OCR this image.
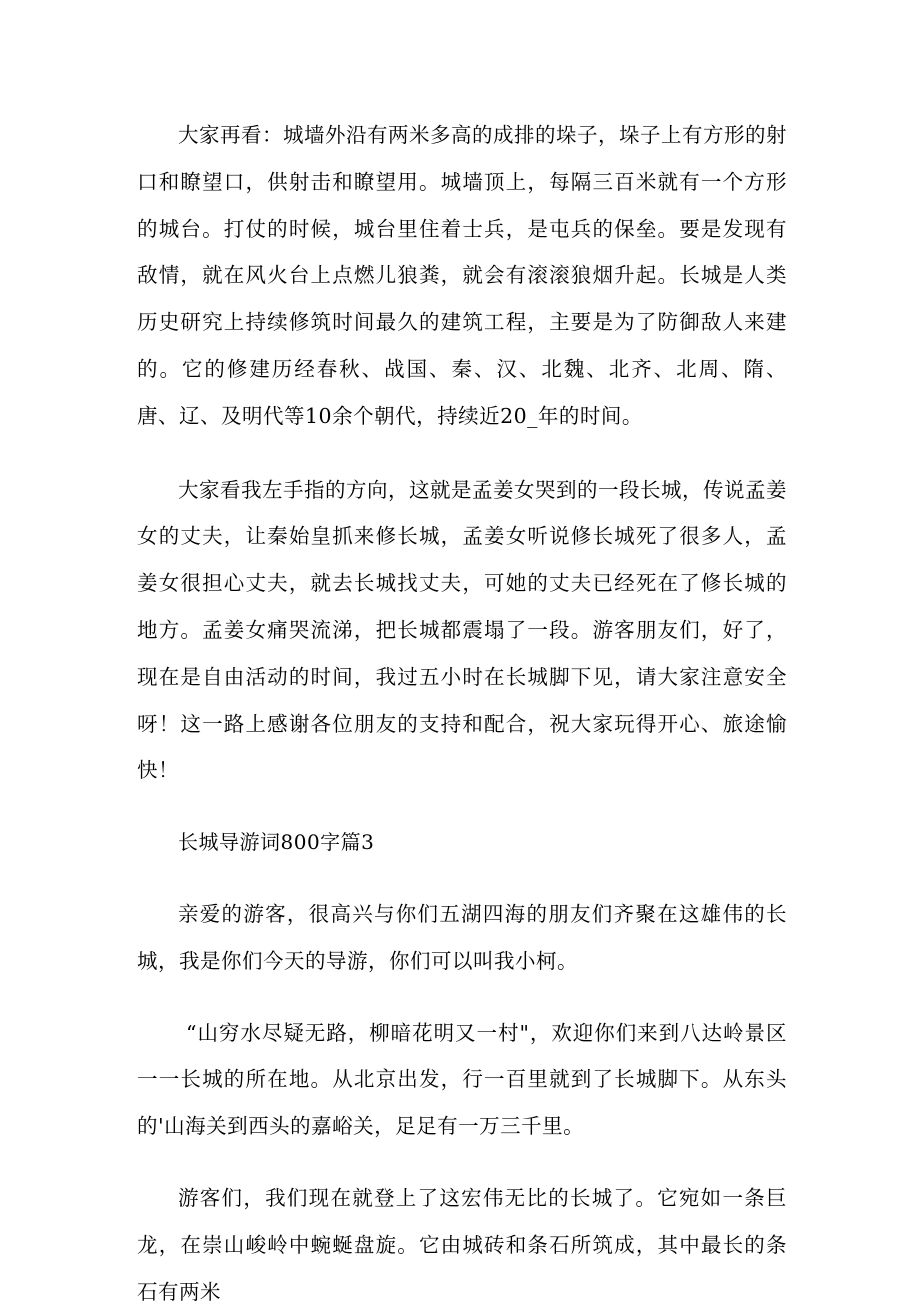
大家再看：城墙外沿有两米多高的成排的垛子，垛子上有方形的射口和瞭望口，供射击和瞭望用。城墙顶上，每隔三百米就有一个方形的城台。打仗的时候，城台里住着士兵，是屯兵的保垒。要是发现有敌情，就在风火台上点燃儿狼粪，就会有滚滚狼烟升起。长城是人类历史研究上持续修筑时间最久的建筑工程，主要是为了防御敌人来建的。它的修建历经春秋、战国、秦、汉、北魏、北齐、北周、隋、唐、辽、及明代等10余个朝代，持续近20_年的时间。

大家看我左手指的方向，这就是孟姜女哭到的一段长城，传说孟姜女的丈夫，让秦始皇抓来修长城，孟姜女听说修长城死了很多人，孟姜女很担心丈夫，就去长城找丈夫，可她的丈夫已经死在了修长城的地方。孟姜女痛哭流涕，把长城都震塌了一段。游客朋友们，好了，现在是自由活动的时间，我过五小时在长城脚下见，请大家注意安全呀！这一路上感谢各位朋友的支持和配合，祝大家玩得开心、旅途愉快！

长城导游词800字篇3

亲爱的游客，很高兴与你们五湖四海的朋友们齐聚在这雄伟的长城，我是你们今天的导游，你们可以叫我小柯。

“山穷水尽疑无路，柳暗花明又一村"，欢迎你们来到八达岭景区一一长城的所在地。从北京出发，行一百里就到了长城脚下。从东头的'山海关到西头的嘉峪关，足足有一万三千里。

游客们，我们现在就登上了这宏伟无比的长城了。它宛如一条巨龙，在崇山峻岭中蜿蜒盘旋。它由城砖和条石所筑成，其中最长的条石有两米
